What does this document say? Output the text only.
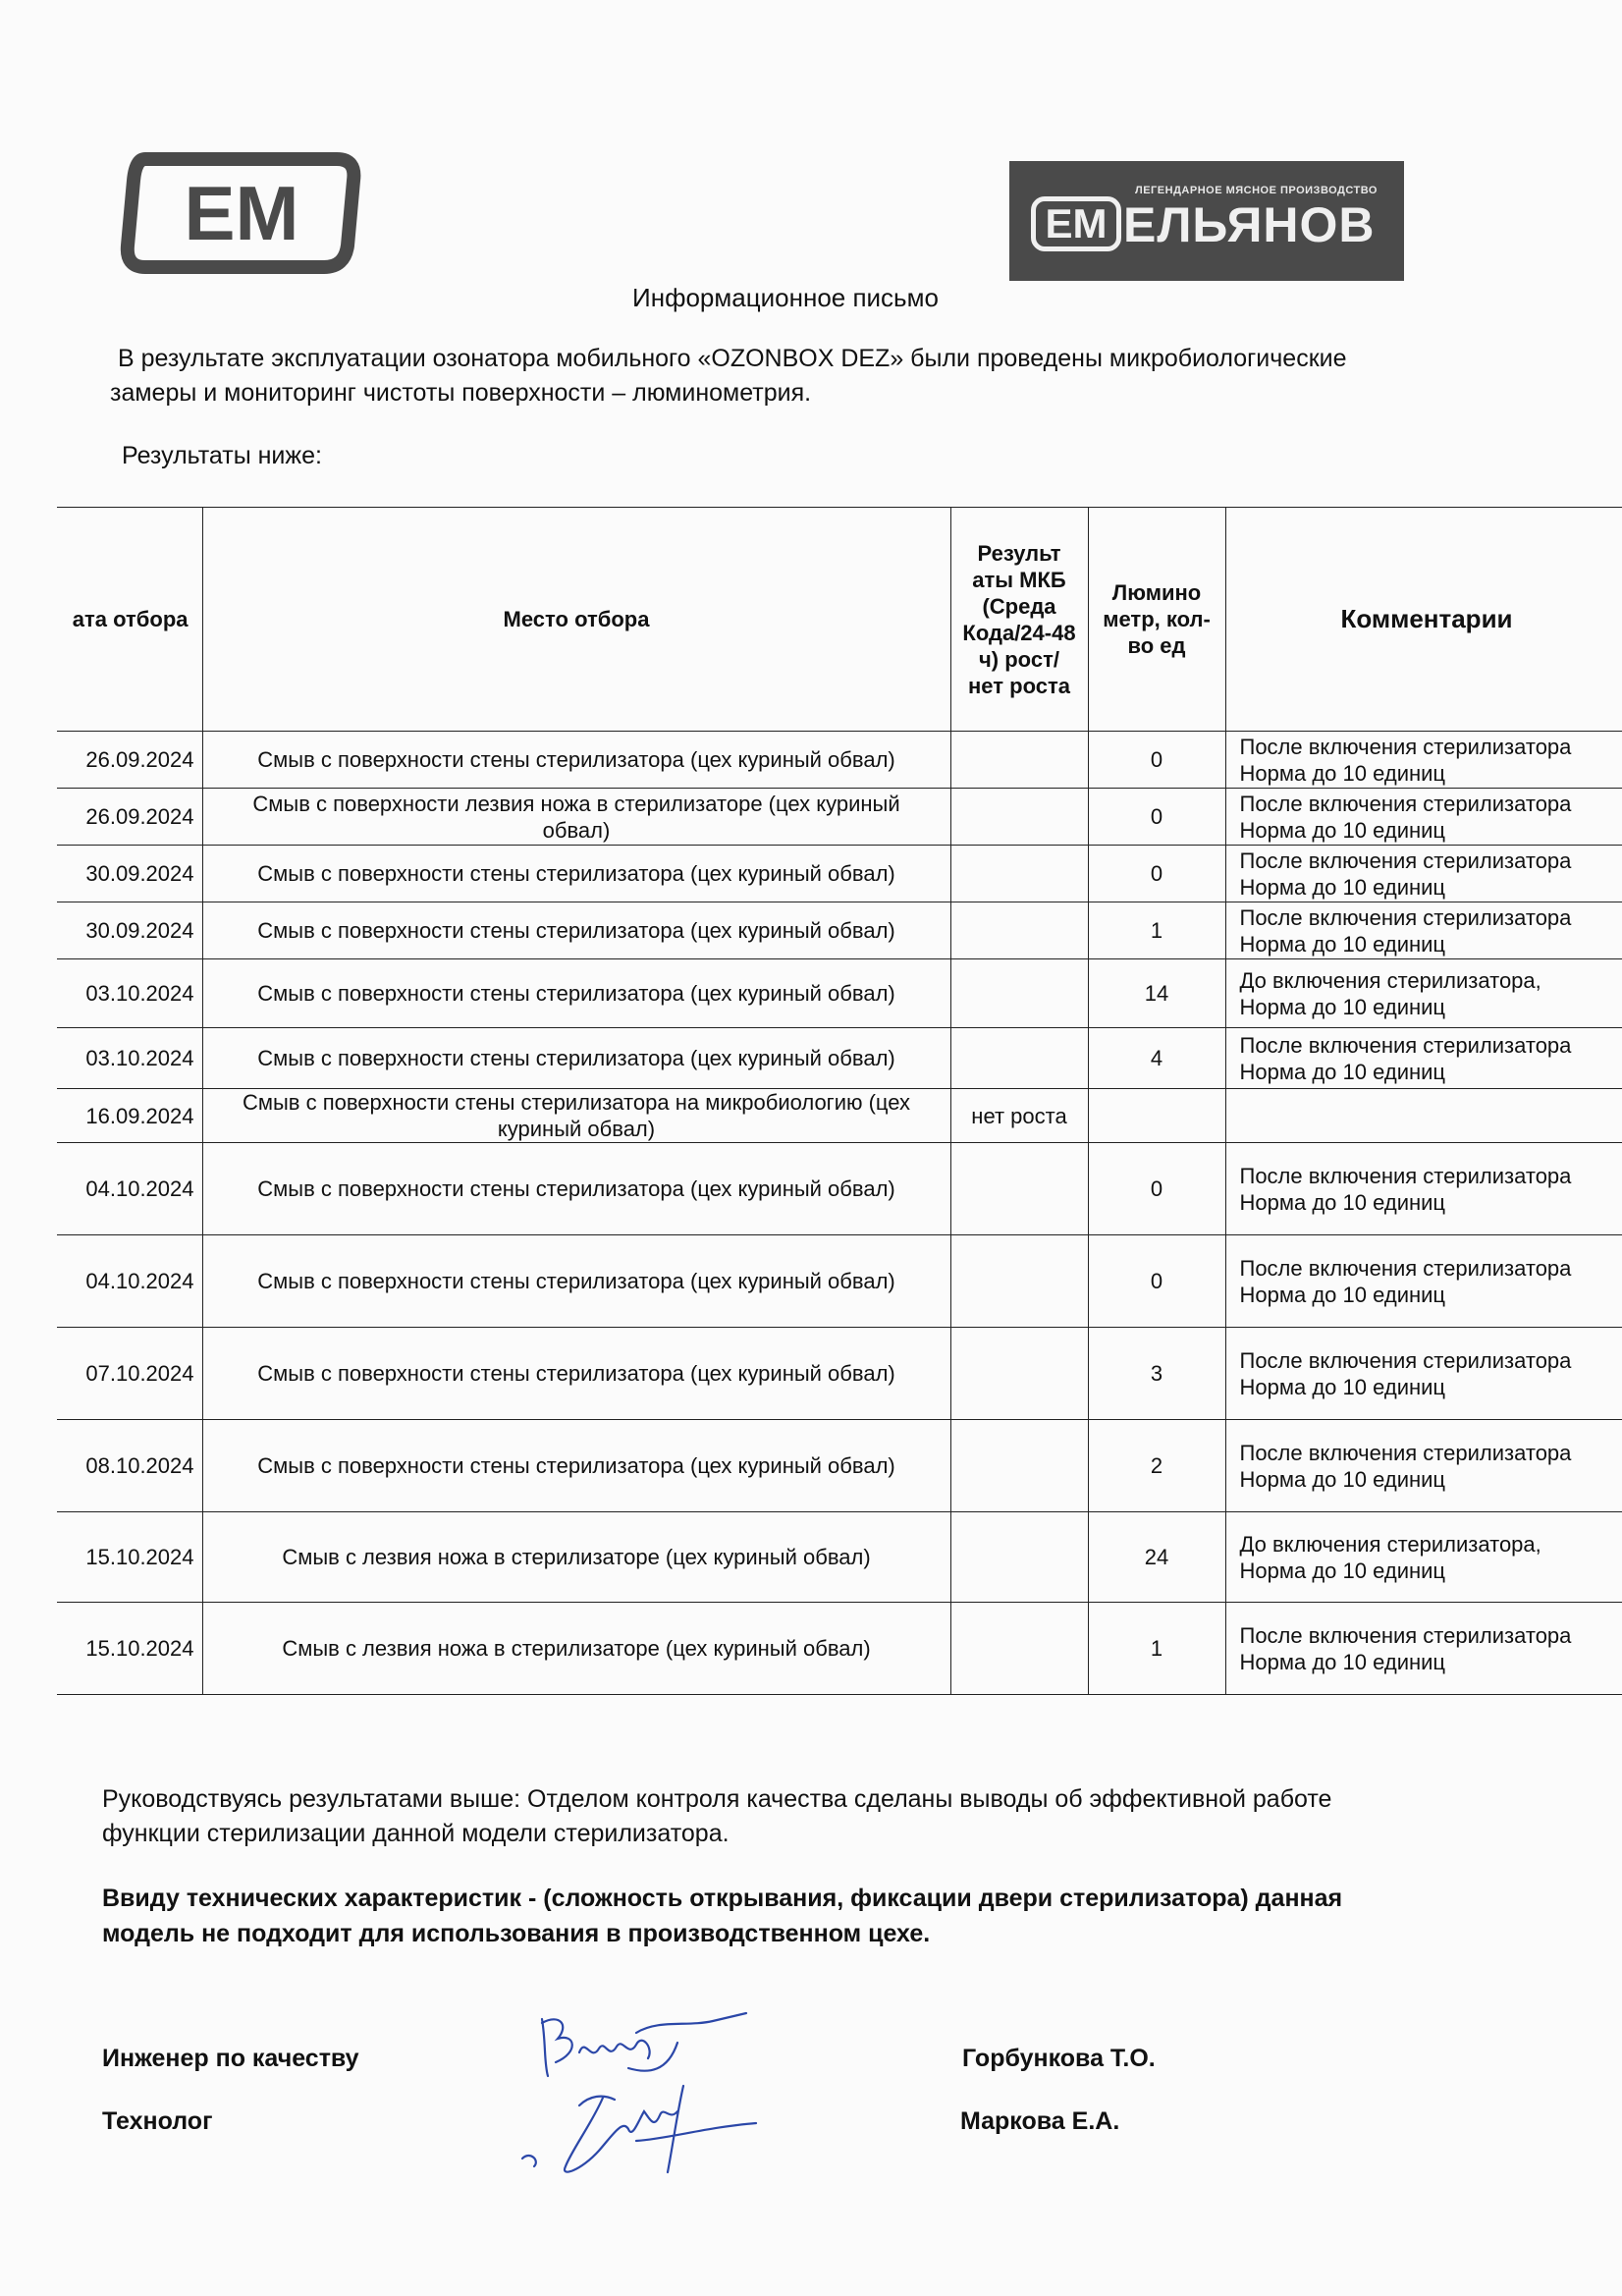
EM	ЛЕГЕНДАРНОЕ МЯСНОЕ ПРОИЗВОДСТВО
EM ЕЛЬЯНОВ
Информационное письмо
В результате эксплуатации озонатора мобильного «OZONBOX DEZ» были проведены микробиологические
замеры и мониторинг чистоты поверхности – люминометрия.
Результаты ниже:
ата отбора	Место отбора	Результ аты МКБ (Среда Кода/24-48 ч) рост/ нет роста	Люмино метр, кол-во ед	Комментарии
26.09.2024	Смыв с поверхности стены стерилизатора (цех куриный обвал)		0	После включения стерилизатора
Норма до 10 единиц

26.09.2024	Смыв с поверхности лезвия ножа в стерилизаторе (цех куриный обвал)		0	После включения стерилизатора
Норма до 10 единиц

30.09.2024	Смыв с поверхности стены стерилизатора (цех куриный обвал)		0	После включения стерилизатора
Норма до 10 единиц

30.09.2024	Смыв с поверхности стены стерилизатора (цех куриный обвал)		1	После включения стерилизатора
Норма до 10 единиц

03.10.2024	Смыв с поверхности стены стерилизатора (цех куриный обвал)		14	До включения стерилизатора,
Норма до 10 единиц

03.10.2024	Смыв с поверхности стены стерилизатора (цех куриный обвал)		4	После включения стерилизатора
Норма до 10 единиц

16.09.2024	Смыв с поверхности стены стерилизатора на микробиологию (цех куриный обвал)	нет роста		

04.10.2024	Смыв с поверхности стены стерилизатора (цех куриный обвал)		0	После включения стерилизатора
Норма до 10 единиц

04.10.2024	Смыв с поверхности стены стерилизатора (цех куриный обвал)		0	После включения стерилизатора
Норма до 10 единиц

07.10.2024	Смыв с поверхности стены стерилизатора (цех куриный обвал)		3	После включения стерилизатора
Норма до 10 единиц

08.10.2024	Смыв с поверхности стены стерилизатора (цех куриный обвал)		2	После включения стерилизатора
Норма до 10 единиц

15.10.2024	Смыв с лезвия ножа в стерилизаторе (цех куриный обвал)		24	До включения стерилизатора,
Норма до 10 единиц

15.10.2024	Смыв с лезвия ножа в стерилизаторе (цех куриный обвал)		1	После включения стерилизатора
Норма до 10 единиц
Руководствуясь результатами выше: Отделом контроля качества сделаны выводы об эффективной работе
функции стерилизации данной модели стерилизатора.
Ввиду технических характеристик - (сложность открывания, фиксации двери стерилизатора) данная
модель не подходит для использования в производственном цехе.
Инженер по качеству	Горбункова Т.О.
Технолог	Маркова Е.А.
